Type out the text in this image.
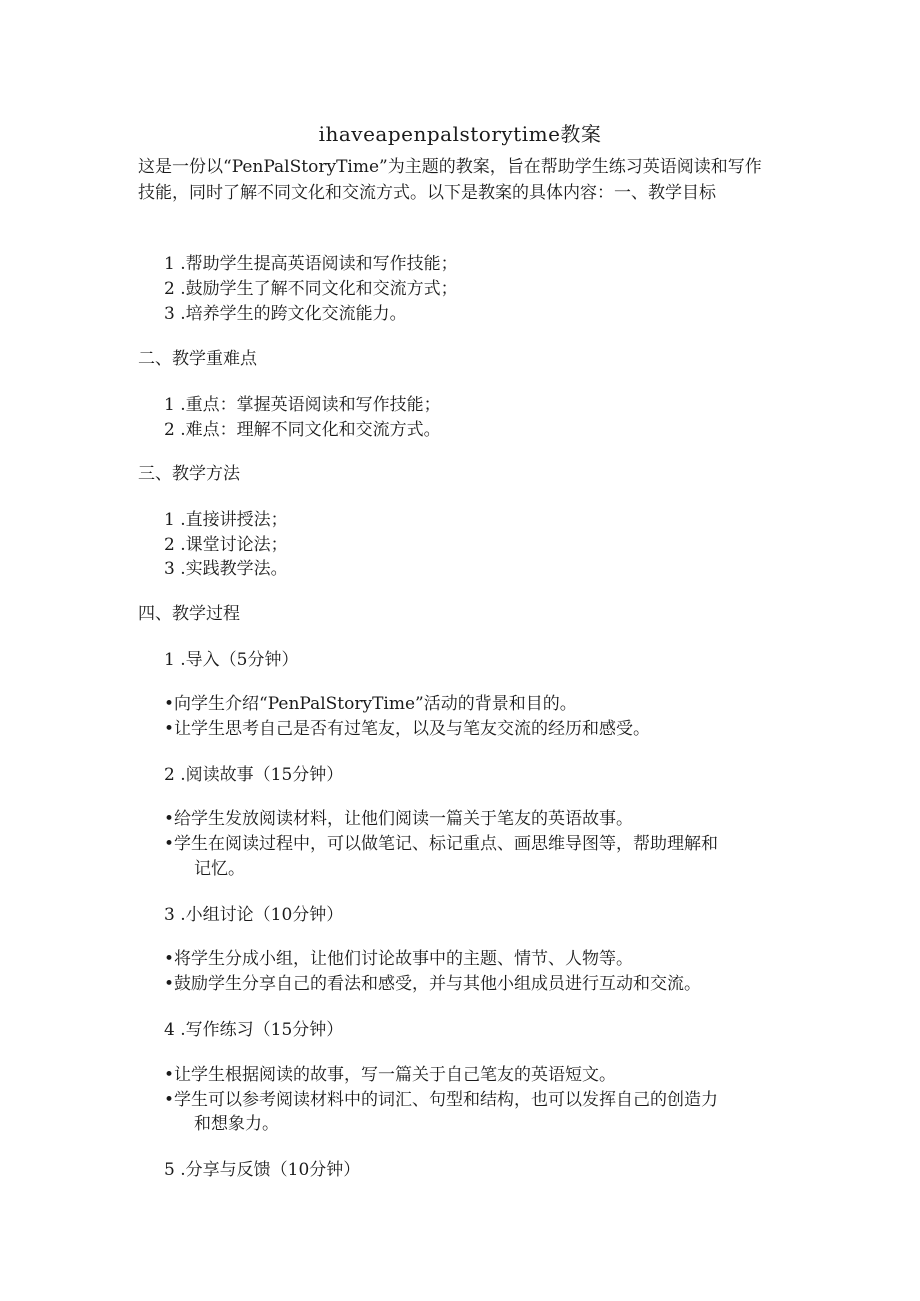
ihaveapenpalstorytime教案
这是一份以“PenPalStoryTime”为主题的教案，旨在帮助学生练习英语阅读和写作技能，同时了解不同文化和交流方式。以下是教案的具体内容：一、教学目标
1 .帮助学生提高英语阅读和写作技能；
2 .鼓励学生了解不同文化和交流方式；
3 .培养学生的跨文化交流能力。
二、教学重难点
1 .重点：掌握英语阅读和写作技能；
2 .难点：理解不同文化和交流方式。
三、教学方法
1 .直接讲授法；
2 .课堂讨论法；
3 .实践教学法。
四、教学过程
1 .导入（5分钟）
•向学生介绍“PenPalStoryTime”活动的背景和目的。
•让学生思考自己是否有过笔友，以及与笔友交流的经历和感受。
2 .阅读故事（15分钟）
•给学生发放阅读材料，让他们阅读一篇关于笔友的英语故事。
•学生在阅读过程中，可以做笔记、标记重点、画思维导图等，帮助理解和
记忆。
3 .小组讨论（10分钟）
•将学生分成小组，让他们讨论故事中的主题、情节、人物等。
•鼓励学生分享自己的看法和感受，并与其他小组成员进行互动和交流。
4 .写作练习（15分钟）
•让学生根据阅读的故事，写一篇关于自己笔友的英语短文。
•学生可以参考阅读材料中的词汇、句型和结构，也可以发挥自己的创造力
和想象力。
5 .分享与反馈（10分钟）
